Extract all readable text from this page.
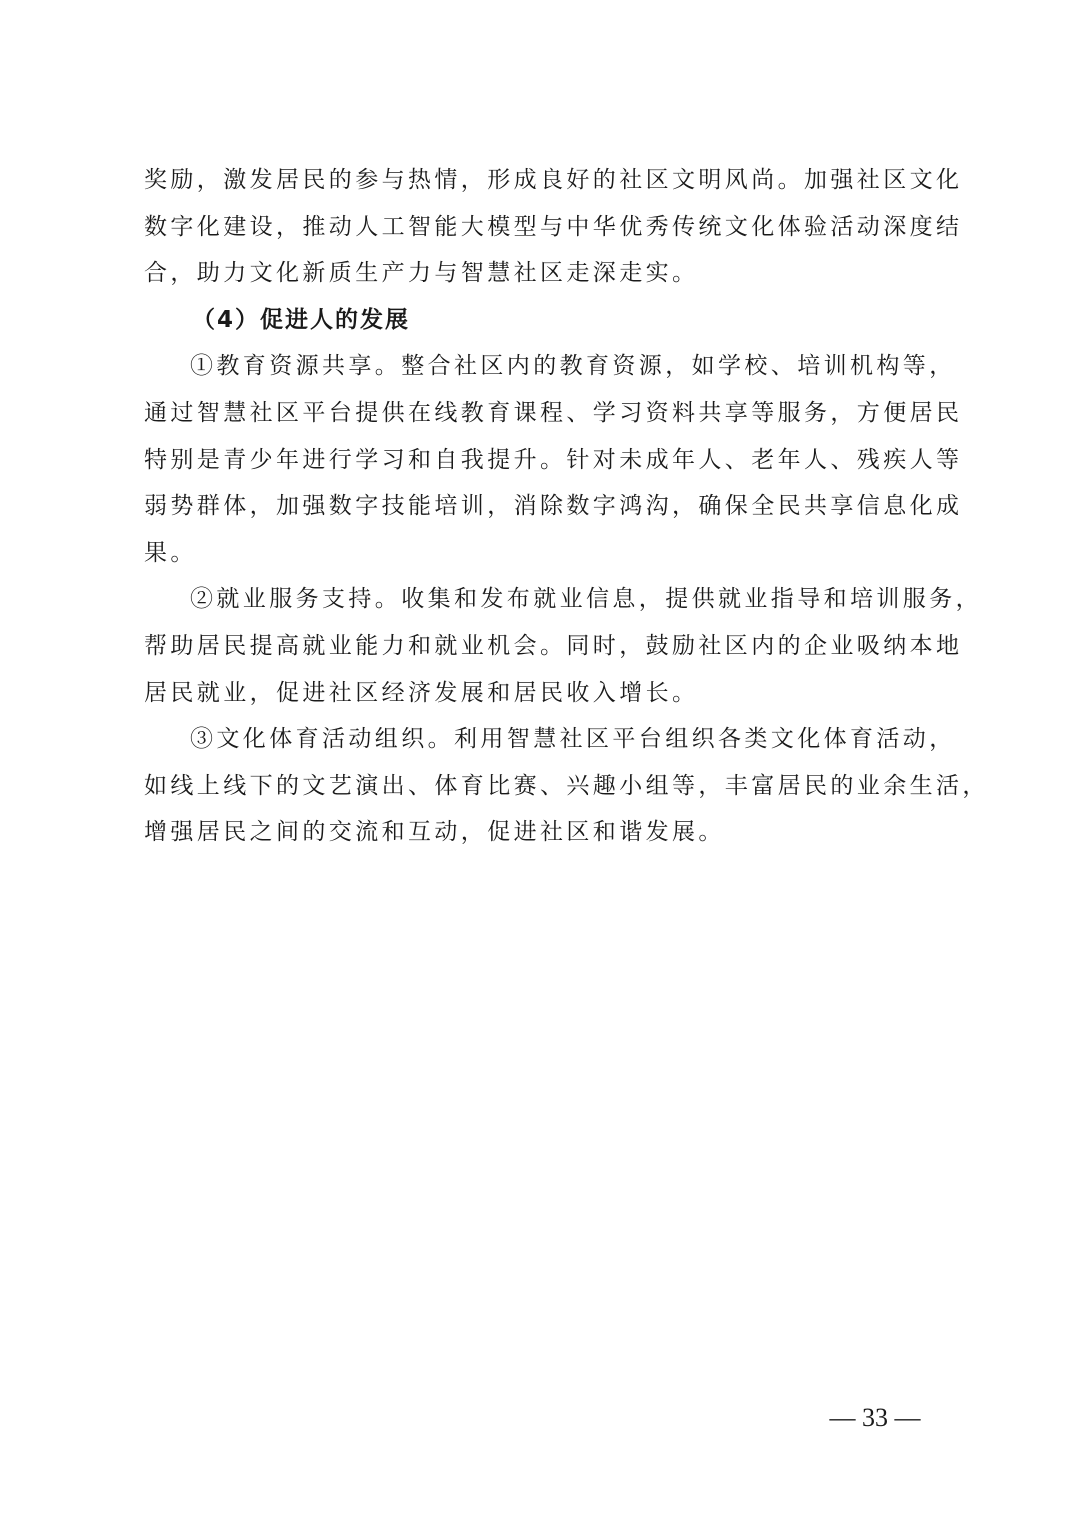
奖励，激发居民的参与热情，形成良好的社区文明风尚。加强社区文化
数字化建设，推动人工智能大模型与中华优秀传统文化体验活动深度结
合，助力文化新质生产力与智慧社区走深走实。
（4）促进人的发展
①教育资源共享。整合社区内的教育资源，如学校、培训机构等，
通过智慧社区平台提供在线教育课程、学习资料共享等服务，方便居民
特别是青少年进行学习和自我提升。针对未成年人、老年人、残疾人等
弱势群体，加强数字技能培训，消除数字鸿沟，确保全民共享信息化成
果。
②就业服务支持。收集和发布就业信息，提供就业指导和培训服务，
帮助居民提高就业能力和就业机会。同时，鼓励社区内的企业吸纳本地
居民就业，促进社区经济发展和居民收入增长。
③文化体育活动组织。利用智慧社区平台组织各类文化体育活动，
如线上线下的文艺演出、体育比赛、兴趣小组等，丰富居民的业余生活，
增强居民之间的交流和互动，促进社区和谐发展。
— 33 —
